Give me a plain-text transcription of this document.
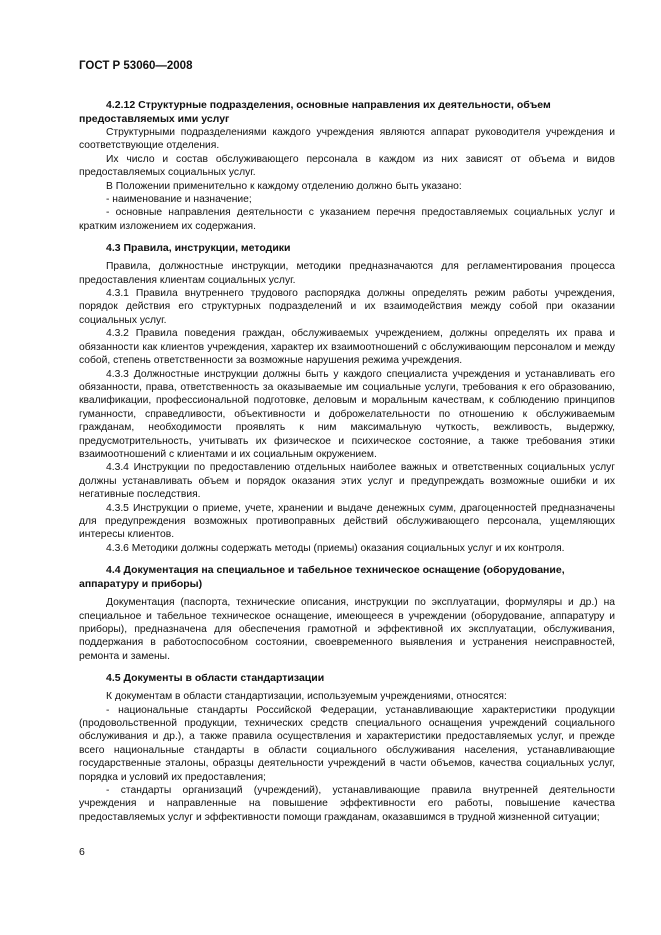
ГОСТ Р 53060—2008
4.2.12 Структурные подразделения, основные направления их деятельности, объем предоставляемых ими услуг

Структурными подразделениями каждого учреждения являются аппарат руководителя учреждения и соответствующие отделения.

Их число и состав обслуживающего персонала в каждом из них зависят от объема и видов предоставляемых социальных услуг.

В Положении применительно к каждому отделению должно быть указано:

- наименование и назначение;

- основные направления деятельности с указанием перечня предоставляемых социальных услуг и кратким изложением их содержания.

4.3 Правила, инструкции, методики

Правила, должностные инструкции, методики предназначаются для регламентирования процесса предоставления клиентам социальных услуг.

4.3.1 Правила внутреннего трудового распорядка должны определять режим работы учреждения, порядок действия его структурных подразделений и их взаимодействия между собой при оказании социальных услуг.

4.3.2 Правила поведения граждан, обслуживаемых учреждением, должны определять их права и обязанности как клиентов учреждения, характер их взаимоотношений с обслуживающим персоналом и между собой, степень ответственности за возможные нарушения режима учреждения.

4.3.3 Должностные инструкции должны быть у каждого специалиста учреждения и устанавливать его обязанности, права, ответственность за оказываемые им социальные услуги, требования к его образованию, квалификации, профессиональной подготовке, деловым и моральным качествам, к соблюдению принципов гуманности, справедливости, объективности и доброжелательности по отношению к обслуживаемым гражданам, необходимости проявлять к ним максимальную чуткость, вежливость, выдержку, предусмотрительность, учитывать их физическое и психическое состояние, а также требования этики взаимоотношений с клиентами и их социальным окружением.

4.3.4 Инструкции по предоставлению отдельных наиболее важных и ответственных социальных услуг должны устанавливать объем и порядок оказания этих услуг и предупреждать возможные ошибки и их негативные последствия.

4.3.5 Инструкции о приеме, учете, хранении и выдаче денежных сумм, драгоценностей предназначены для предупреждения возможных противоправных действий обслуживающего персонала, ущемляющих интересы клиентов.

4.3.6 Методики должны содержать методы (приемы) оказания социальных услуг и их контроля.

4.4 Документация на специальное и табельное техническое оснащение (оборудование, аппаратуру и приборы)

Документация (паспорта, технические описания, инструкции по эксплуатации, формуляры и др.) на специальное и табельное техническое оснащение, имеющееся в учреждении (оборудование, аппаратуру и приборы), предназначена для обеспечения грамотной и эффективной их эксплуатации, обслуживания, поддержания в работоспособном состоянии, своевременного выявления и устранения неисправностей, ремонта и замены.

4.5 Документы в области стандартизации

К документам в области стандартизации, используемым учреждениями, относятся:

- национальные стандарты Российской Федерации, устанавливающие характеристики продукции (продовольственной продукции, технических средств специального оснащения учреждений социального обслуживания и др.), а также правила осуществления и характеристики предоставляемых услуг, и прежде всего национальные стандарты в области социального обслуживания населения, устанавливающие государственные эталоны, образцы деятельности учреждений в части объемов, качества социальных услуг, порядка и условий их предоставления;

- стандарты организаций (учреждений), устанавливающие правила внутренней деятельности учреждения и направленные на повышение эффективности его работы, повышение качества предоставляемых услуг и эффективности помощи гражданам, оказавшимся в трудной жизненной ситуации;

6
